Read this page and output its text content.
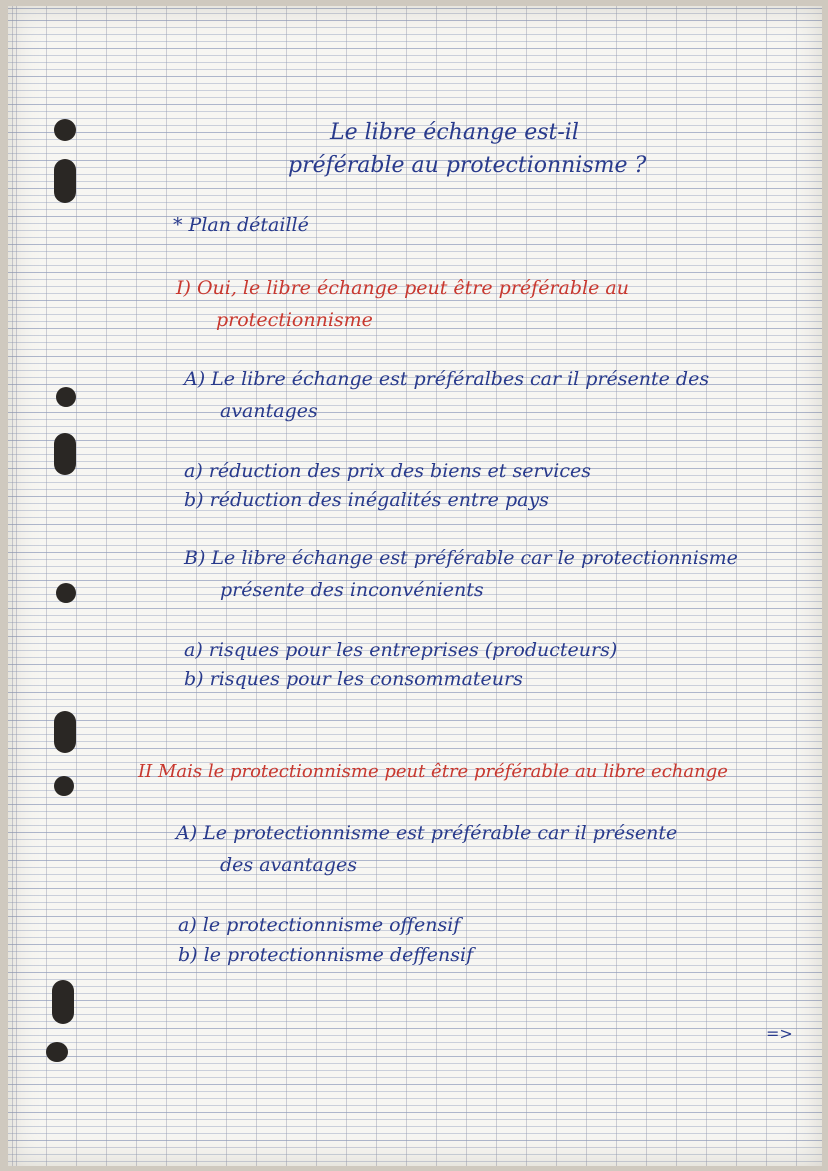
Le libre échange est-il
préférable au protectionnisme ?
* Plan détaillé
I) Oui, le libre échange peut être préférable au
protectionnisme
A) Le libre échange est préféralbes car il présente des
avantages
a) réduction des prix des biens et services
b) réduction des inégalités entre pays
B) Le libre échange est préférable car le protectionnisme
présente des inconvénients
a) risques pour les entreprises (producteurs)
b) risques pour les consommateurs
II Mais le protectionnisme peut être préférable au libre echange
A) Le protectionnisme est préférable car il présente
des avantages
a) le protectionnisme offensif
b) le protectionnisme deffensif
=>
